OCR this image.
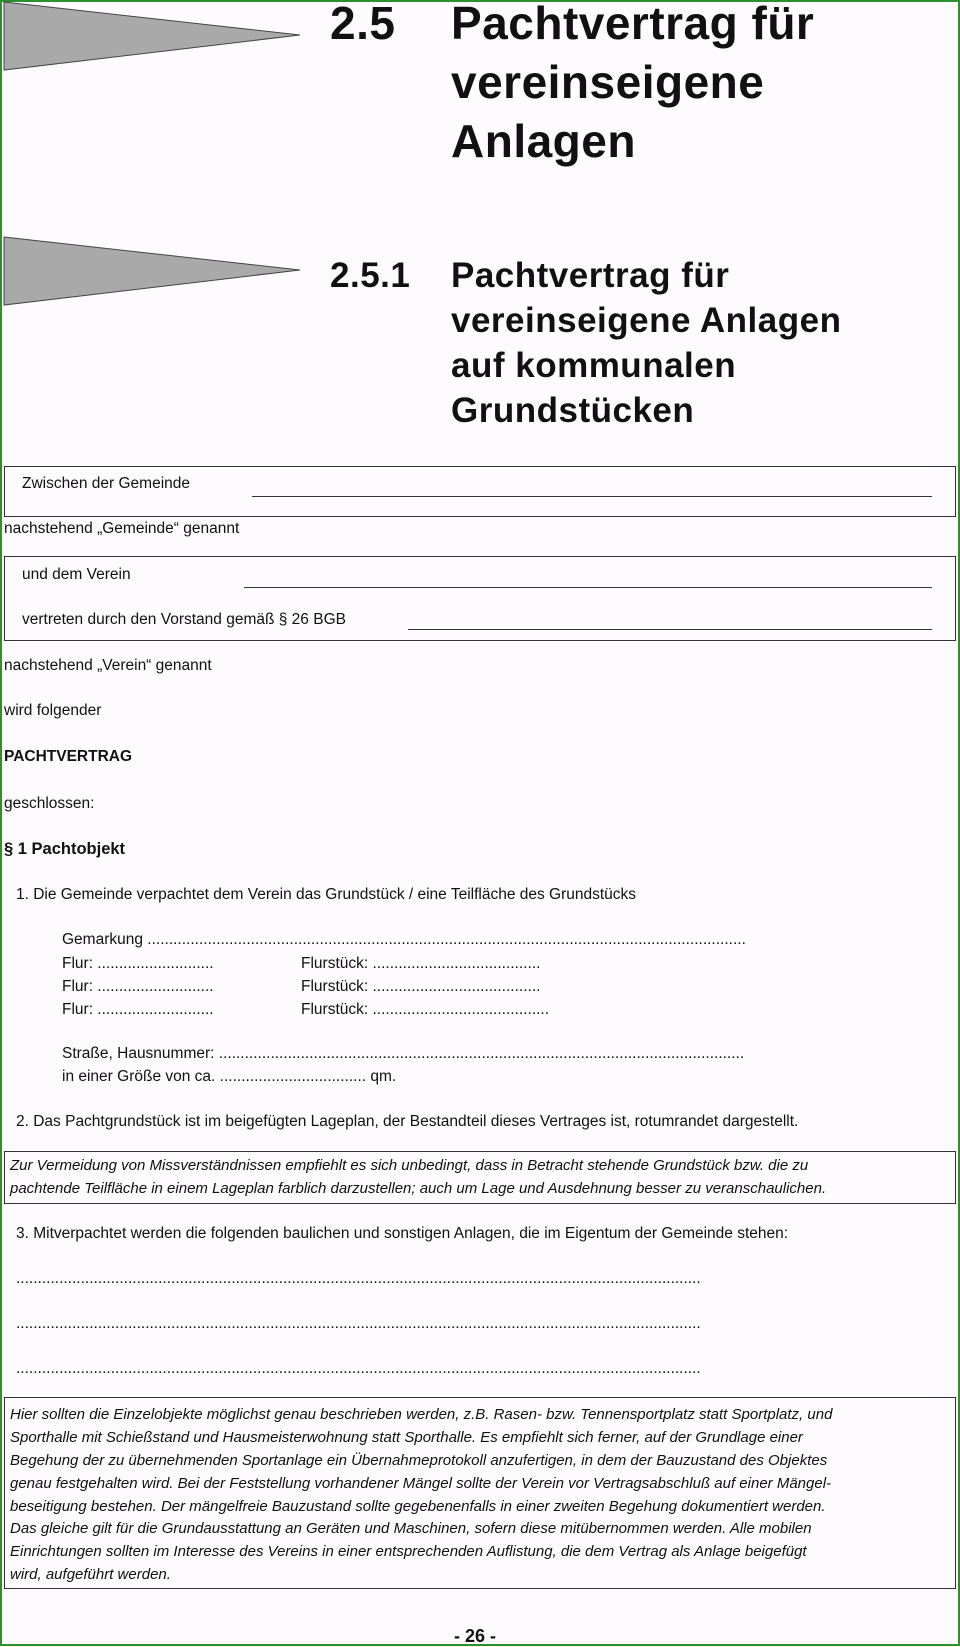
2.5 Pachtvertrag für
vereinseigene
Anlagen
2.5.1 Pachtvertrag für
vereinseigene Anlagen
auf kommunalen
Grundstücken
Zwischen der Gemeinde
nachstehend „Gemeinde“ genannt
und dem Verein
vertreten durch den Vorstand gemäß § 26 BGB
nachstehend „Verein“ genannt
wird folgender
PACHTVERTRAG
geschlossen:
§ 1 Pachtobjekt
1. Die Gemeinde verpachtet dem Verein das Grundstück / eine Teilfläche des Grundstücks
Gemarkung ...........................................................................................................................................
Flur: ...........................	Flurstück: .......................................
Flur: ...........................	Flurstück: .......................................
Flur: ...........................	Flurstück: .........................................
Straße, Hausnummer: ..........................................................................................................................
in einer Größe von ca. .................................. qm.
2. Das Pachtgrundstück ist im beigefügten Lageplan, der Bestandteil dieses Vertrages ist, rotumrandet dargestellt.
Zur Vermeidung von Missverständnissen empfiehlt es sich unbedingt, dass in Betracht stehende Grundstück bzw. die zu
pachtende Teilfläche in einem Lageplan farblich darzustellen; auch um Lage und Ausdehnung besser zu veranschaulichen.
3. Mitverpachtet werden die folgenden baulichen und sonstigen Anlagen, die im Eigentum der Gemeinde stehen:
...............................................................................................................................................................
...............................................................................................................................................................
...............................................................................................................................................................
Hier sollten die Einzelobjekte möglichst genau beschrieben werden, z.B. Rasen- bzw. Tennensportplatz statt Sportplatz, und
Sporthalle mit Schießstand und Hausmeisterwohnung statt Sporthalle. Es empfiehlt sich ferner, auf der Grundlage einer
Begehung der zu übernehmenden Sportanlage ein Übernahmeprotokoll anzufertigen, in dem der Bauzustand des Objektes
genau festgehalten wird. Bei der Feststellung vorhandener Mängel sollte der Verein vor Vertragsabschluß auf einer Mängel-
beseitigung bestehen. Der mängelfreie Bauzustand sollte gegebenenfalls in einer zweiten Begehung dokumentiert werden.
Das gleiche gilt für die Grundausstattung an Geräten und Maschinen, sofern diese mitübernommen werden. Alle mobilen
Einrichtungen sollten im Interesse des Vereins in einer entsprechenden Auflistung, die dem Vertrag als Anlage beigefügt
wird, aufgeführt werden.
- 26 -
